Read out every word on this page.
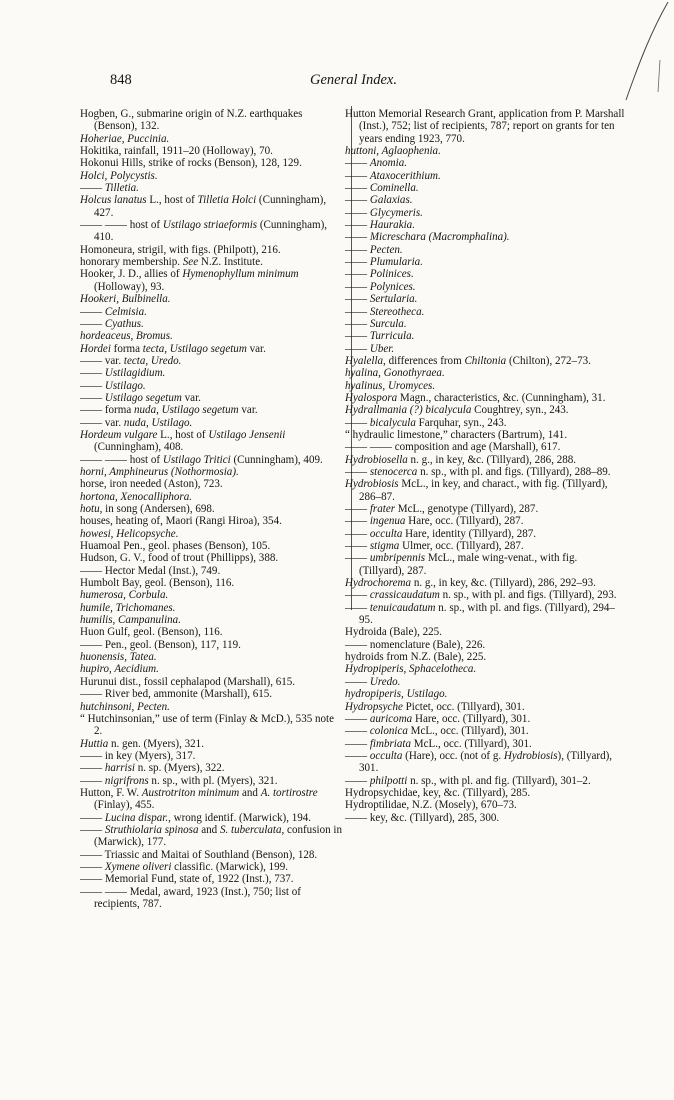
848	General Index.
Hogben, G., submarine origin of N.Z. earthquakes (Benson), 132.
Hoheriae, Puccinia.
Hokitika, rainfall, 1911–20 (Holloway), 70.
Hokonui Hills, strike of rocks (Benson), 128, 129.
Holci, Polycystis.
—— Tilletia.
Holcus lanatus L., host of Tilletia Holci (Cunningham), 427.
—— —— host of Ustilago striaeformis (Cunningham), 410.
Homoneura, strigil, with figs. (Philpott), 216.
honorary membership. See N.Z. Institute.
Hooker, J. D., allies of Hymenophyllum minimum (Holloway), 93.
Hookeri, Bulbinella.
—— Celmisia.
—— Cyathus.
hordeaceus, Bromus.
Hordei forma tecta, Ustilago segetum var.
—— var. tecta, Uredo.
—— Ustilagidium.
—— Ustilago.
—— Ustilago segetum var.
—— forma nuda, Ustilago segetum var.
—— var. nuda, Ustilago.
Hordeum vulgare L., host of Ustilago Jensenii (Cunningham), 408.
—— —— host of Ustilago Tritici (Cunningham), 409.
horni, Amphineurus (Nothormosia).
horse, iron needed (Aston), 723.
hortona, Xenocalliphora.
hotu, in song (Andersen), 698.
houses, heating of, Maori (Rangi Hiroa), 354.
howesi, Helicopsyche.
Huamoal Pen., geol. phases (Benson), 105.
Hudson, G. V., food of trout (Phillipps), 388.
—— Hector Medal (Inst.), 749.
Humbolt Bay, geol. (Benson), 116.
humerosa, Corbula.
humile, Trichomanes.
humilis, Campanulina.
Huon Gulf, geol. (Benson), 116.
—— Pen., geol. (Benson), 117, 119.
huonensis, Tatea.
hupiro, Aecidium.
Hurunui dist., fossil cephalapod (Marshall), 615.
—— River bed, ammonite (Marshall), 615.
hutchinsoni, Pecten.
“ Hutchinsonian,” use of term (Finlay & McD.), 535 note 2.
Huttia n. gen. (Myers), 321.
—— in key (Myers), 317.
—— harrisi n. sp. (Myers), 322.
—— nigrifrons n. sp., with pl. (Myers), 321.
Hutton, F. W. Austrotriton minimum and A. tortirostre (Finlay), 455.
—— Lucina dispar., wrong identif. (Marwick), 194.
—— Struthiolaria spinosa and S. tuberculata, confusion in (Marwick), 177.
—— Triassic and Maitai of Southland (Benson), 128.
—— Xymene oliveri classific. (Marwick), 199.
—— Memorial Fund, state of, 1922 (Inst.), 737.
—— —— Medal, award, 1923 (Inst.), 750; list of recipients, 787.
Hutton Memorial Research Grant, application from P. Marshall (Inst.), 752; list of recipients, 787; report on grants for ten years ending 1923, 770.
huttoni, Aglaophenia.
—— Anomia.
—— Ataxocerithium.
—— Cominella.
—— Galaxias.
—— Glycymeris.
—— Haurakia.
—— Micreschara (Macromphalina).
—— Pecten.
—— Plumularia.
—— Polinices.
—— Polynices.
—— Sertularia.
—— Stereotheca.
—— Surcula.
—— Turricula.
—— Uber.
Hyalella, differences from Chiltonia (Chilton), 272–73.
hyalina, Gonothyraea.
hyalinus, Uromyces.
Hyalospora Magn., characteristics, &c. (Cunningham), 31.
Hydrallmania (?) bicalycula Coughtrey, syn., 243.
—— bicalycula Farquhar, syn., 243.
“ hydraulic limestone,” characters (Bartrum), 141.
—— —— composition and age (Marshall), 617.
Hydrobiosella n. g., in key, &c. (Tillyard), 286, 288.
—— stenocerca n. sp., with pl. and figs. (Tillyard), 288–89.
Hydrobiosis McL., in key, and charact., with fig. (Tillyard), 286–87.
—— frater McL., genotype (Tillyard), 287.
—— ingenua Hare, occ. (Tillyard), 287.
—— occulta Hare, identity (Tillyard), 287.
—— stigma Ulmer, occ. (Tillyard), 287.
—— umbripennis McL., male wing-venat., with fig. (Tillyard), 287.
Hydrochorema n. g., in key, &c. (Tillyard), 286, 292–93.
—— crassicaudatum n. sp., with pl. and figs. (Tillyard), 293.
—— tenuicaudatum n. sp., with pl. and figs. (Tillyard), 294–95.
Hydroida (Bale), 225.
—— nomenclature (Bale), 226.
hydroids from N.Z. (Bale), 225.
Hydropiperis, Sphacelotheca.
—— Uredo.
hydropiperis, Ustilago.
Hydropsyche Pictet, occ. (Tillyard), 301.
—— auricoma Hare, occ. (Tillyard), 301.
—— colonica McL., occ. (Tillyard), 301.
—— fimbriata McL., occ. (Tillyard), 301.
—— occulta (Hare), occ. (not of g. Hydrobiosis), (Tillyard), 301.
—— philpotti n. sp., with pl. and fig. (Tillyard), 301–2.
Hydropsychidae, key, &c. (Tillyard), 285.
Hydroptilidae, N.Z. (Mosely), 670–73.
—— key, &c. (Tillyard), 285, 300.
